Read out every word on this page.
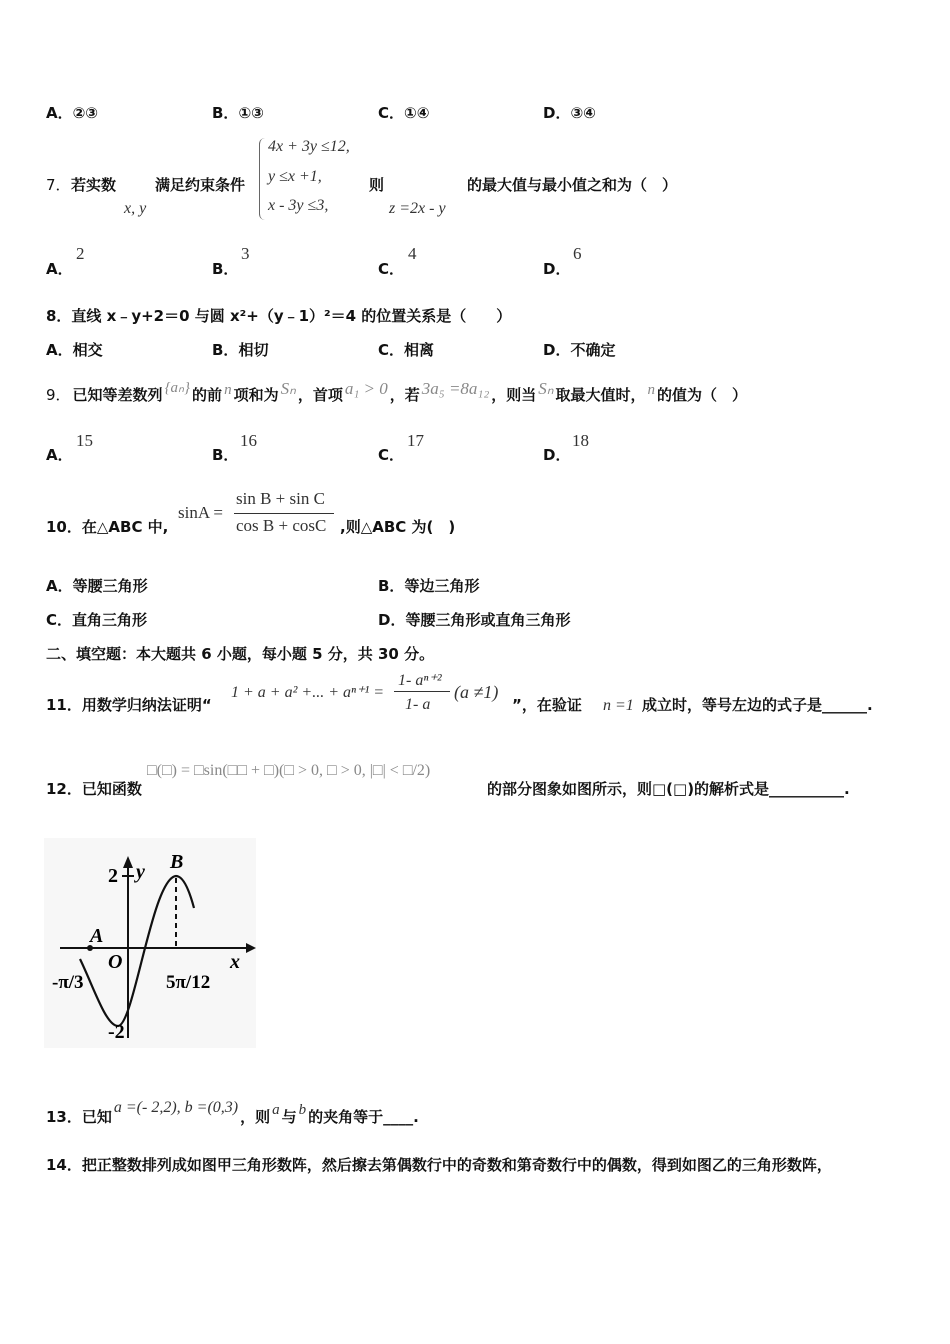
A．②③	B．①③	C．①④	D．③④
7． 若实数
x, y
满足约束条件
4x + 3y ≤12,
y ≤x +1,
x - 3y ≤3,
则
z =2x - y
的最大值与最小值之和为（　）
A．
2
B．
3
C．
4
D．
6
8．直线 x﹣y+2＝0 与圆 x²+（y﹣1）²＝4 的位置关系是（　　）
A．相交	B．相切	C．相离	D．不确定
9． 已知等差数列 {aₙ} 的前 n 项和为 Sₙ ，首项 a₁ > 0 ，若 3a₅ =8a₁₂ ，则当 Sₙ 取最大值时， n 的值为（　）
A．
15
B．
16
C．
17
D．
18
10．在△ABC 中,
sinA =
sin B + sin C
cos B + cosC ,则△ABC 为(　)
A．等腰三角形	B．等边三角形
C．直角三角形	D．等腰三角形或直角三角形
二、填空题：本大题共 6 小题，每小题 5 分，共 30 分。
11．用数学归纳法证明“
1 + a + a² +... + aⁿ⁺¹ =
1- aⁿ⁺²
1- a
(a ≠1)
”，在验证 n =1 成立时，等号左边的式子是______.
12．已知函数
□(□) = □sin(□□ + □)(□ > 0, □ > 0, |□| < □/2)
的部分图象如图所示，则□(□)的解析式是__________.
2 y B
A
O	x
-π/3	5π/12
-2
13．已知
a =(- 2,2), b =(0,3)
，则 a 与 b 的夹角等于____.
14．把正整数排列成如图甲三角形数阵，然后擦去第偶数行中的奇数和第奇数行中的偶数，得到如图乙的三角形数阵，
